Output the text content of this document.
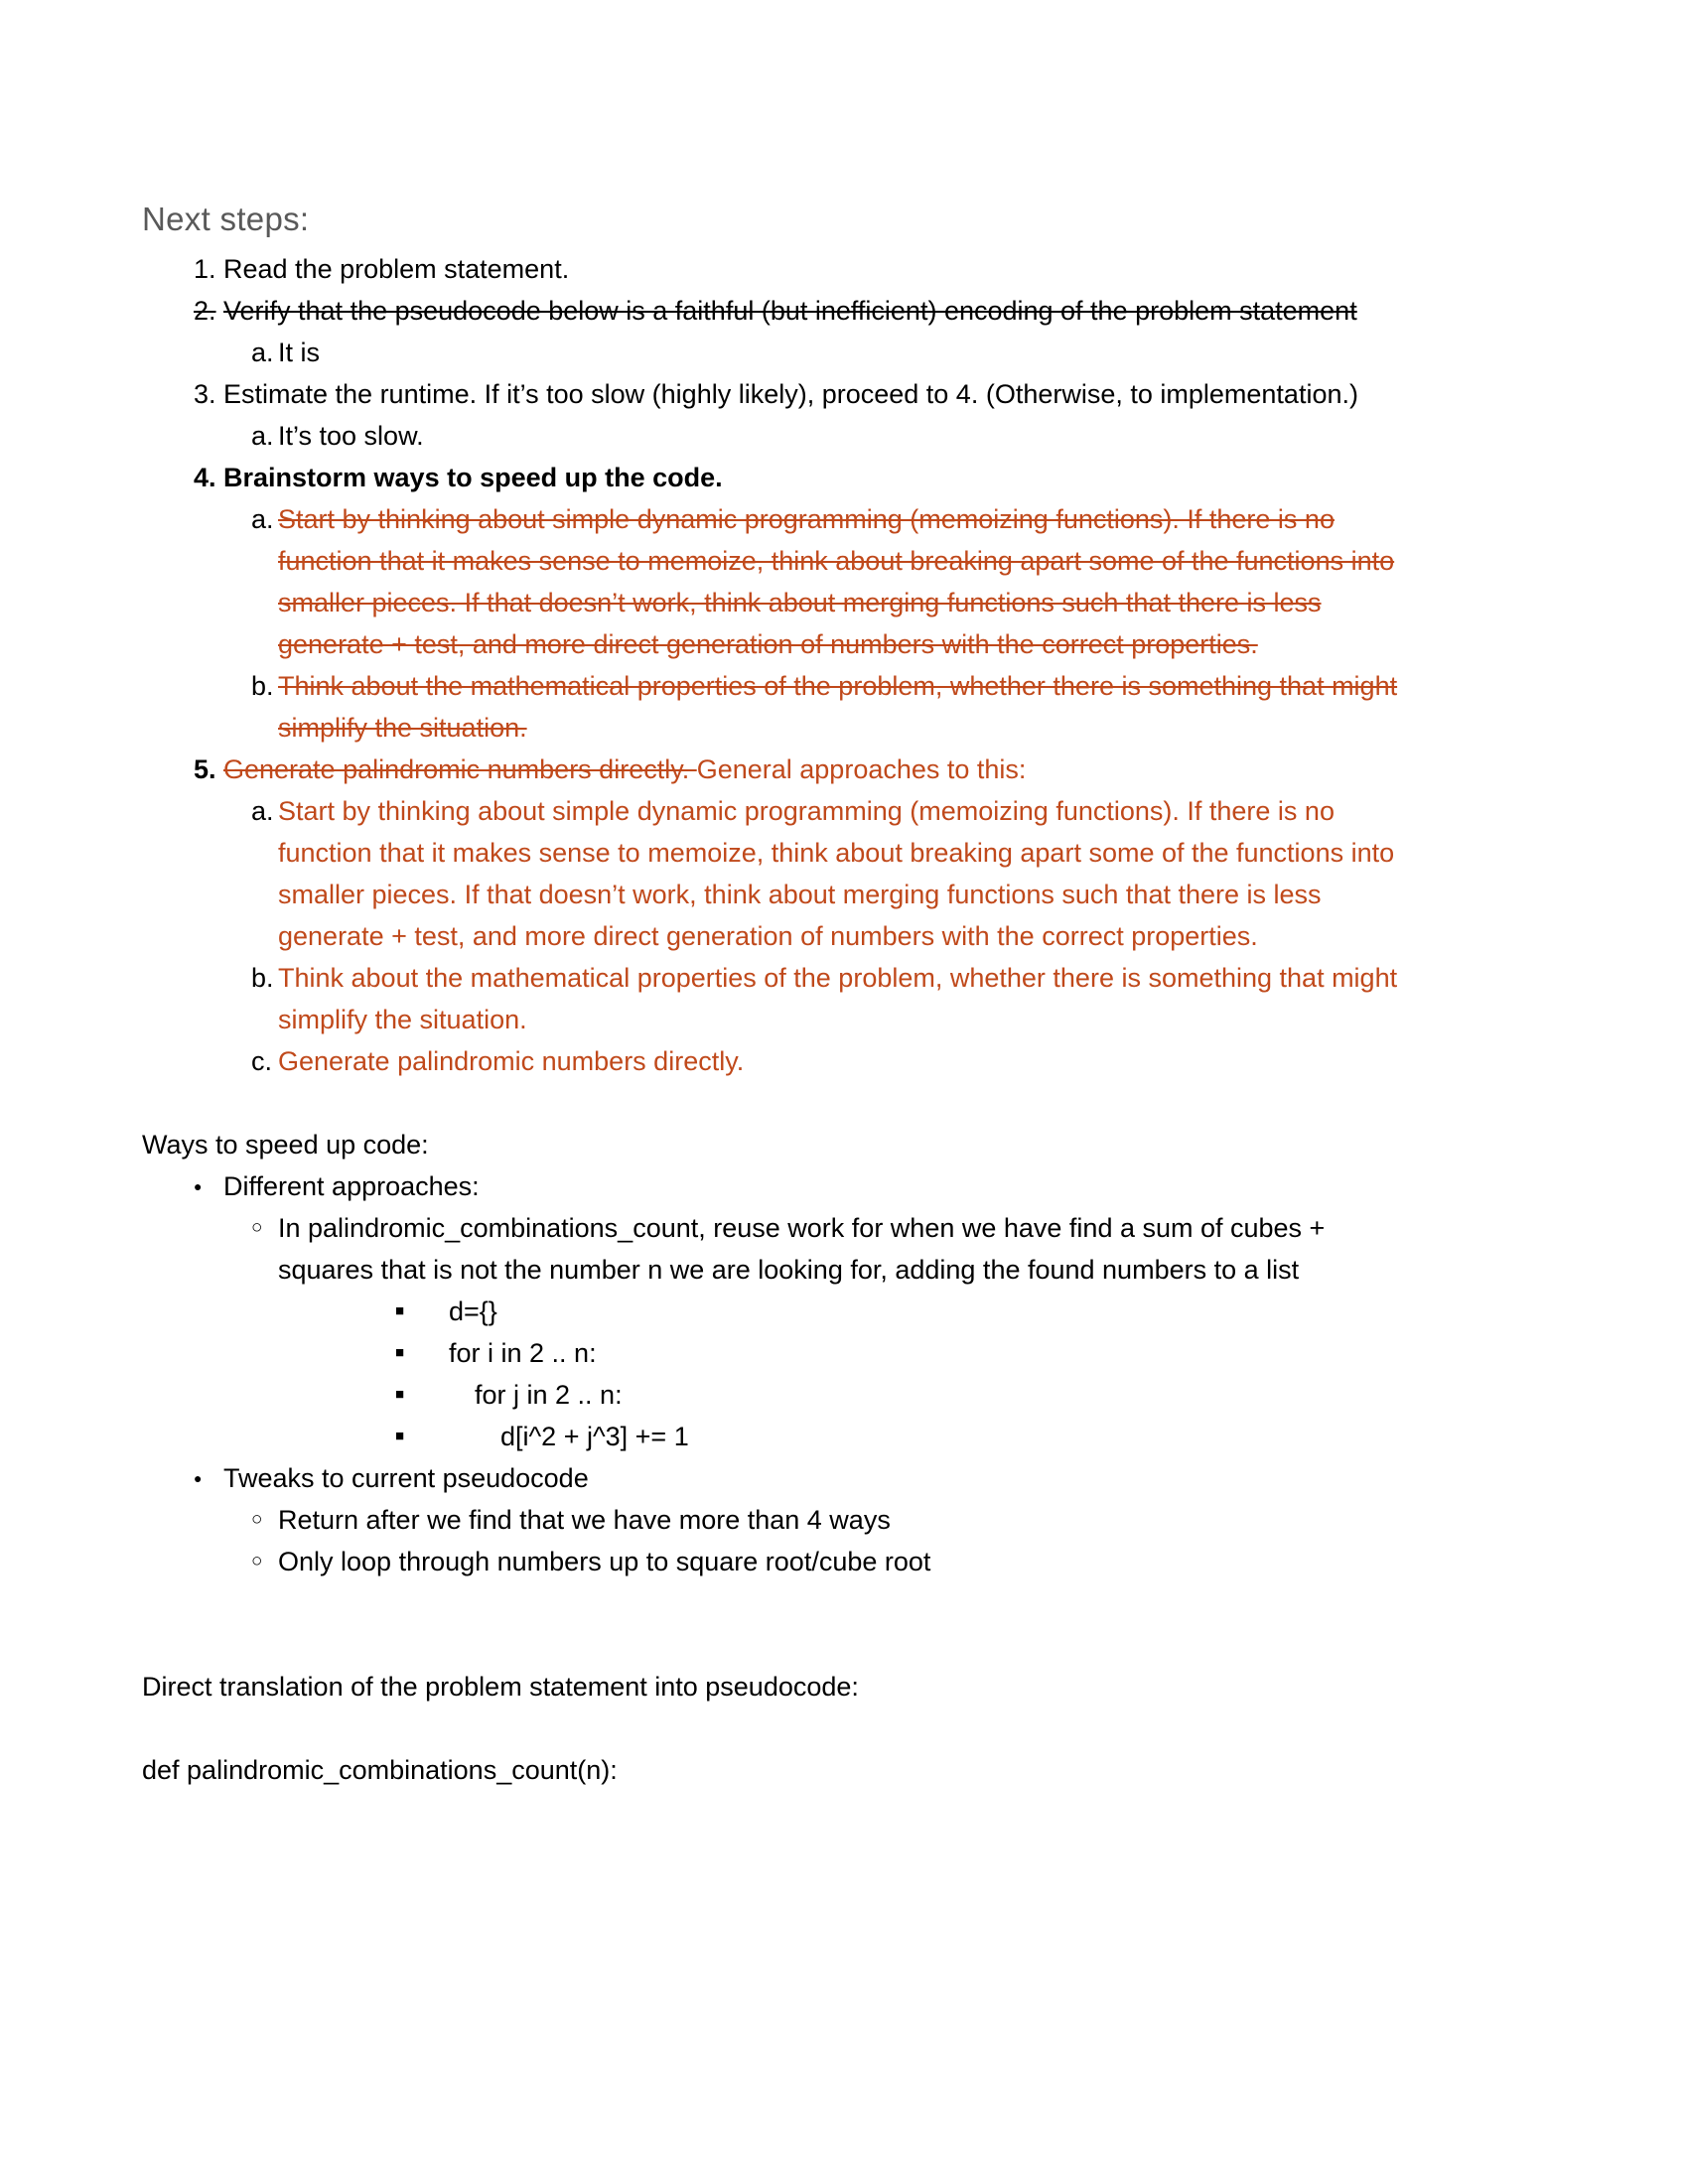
Next steps:
1. Read the problem statement.
2. Verify that the pseudocode below is a faithful (but inefficient) encoding of the problem statement
a. It is
3. Estimate the runtime. If it’s too slow (highly likely), proceed to 4. (Otherwise, to implementation.)
a. It’s too slow.
4. Brainstorm ways to speed up the code.
a. Start by thinking about simple dynamic programming (memoizing functions). If there is no function that it makes sense to memoize, think about breaking apart some of the functions into smaller pieces. If that doesn’t work, think about merging functions such that there is less generate + test, and more direct generation of numbers with the correct properties.
b. Think about the mathematical properties of the problem, whether there is something that might simplify the situation.
5. Generate palindromic numbers directly. General approaches to this:
a. Start by thinking about simple dynamic programming (memoizing functions). If there is no function that it makes sense to memoize, think about breaking apart some of the functions into smaller pieces. If that doesn’t work, think about merging functions such that there is less generate + test, and more direct generation of numbers with the correct properties.
b. Think about the mathematical properties of the problem, whether there is something that might simplify the situation.
c. Generate palindromic numbers directly.

Ways to speed up code:

● Different approaches:
○ In palindromic_combinations_count, reuse work for when we have find a sum of cubes + squares that is not the number n we are looking for, adding the found numbers to a list
■	d={}
■	for i in 2 .. n:
■	for j in 2 .. n:
■	d[i^2 + j^3] += 1
● Tweaks to current pseudocode
○ Return after we find that we have more than 4 ways
○ Only loop through numbers up to square root/cube root

Direct translation of the problem statement into pseudocode:

def palindromic_combinations_count(n):
